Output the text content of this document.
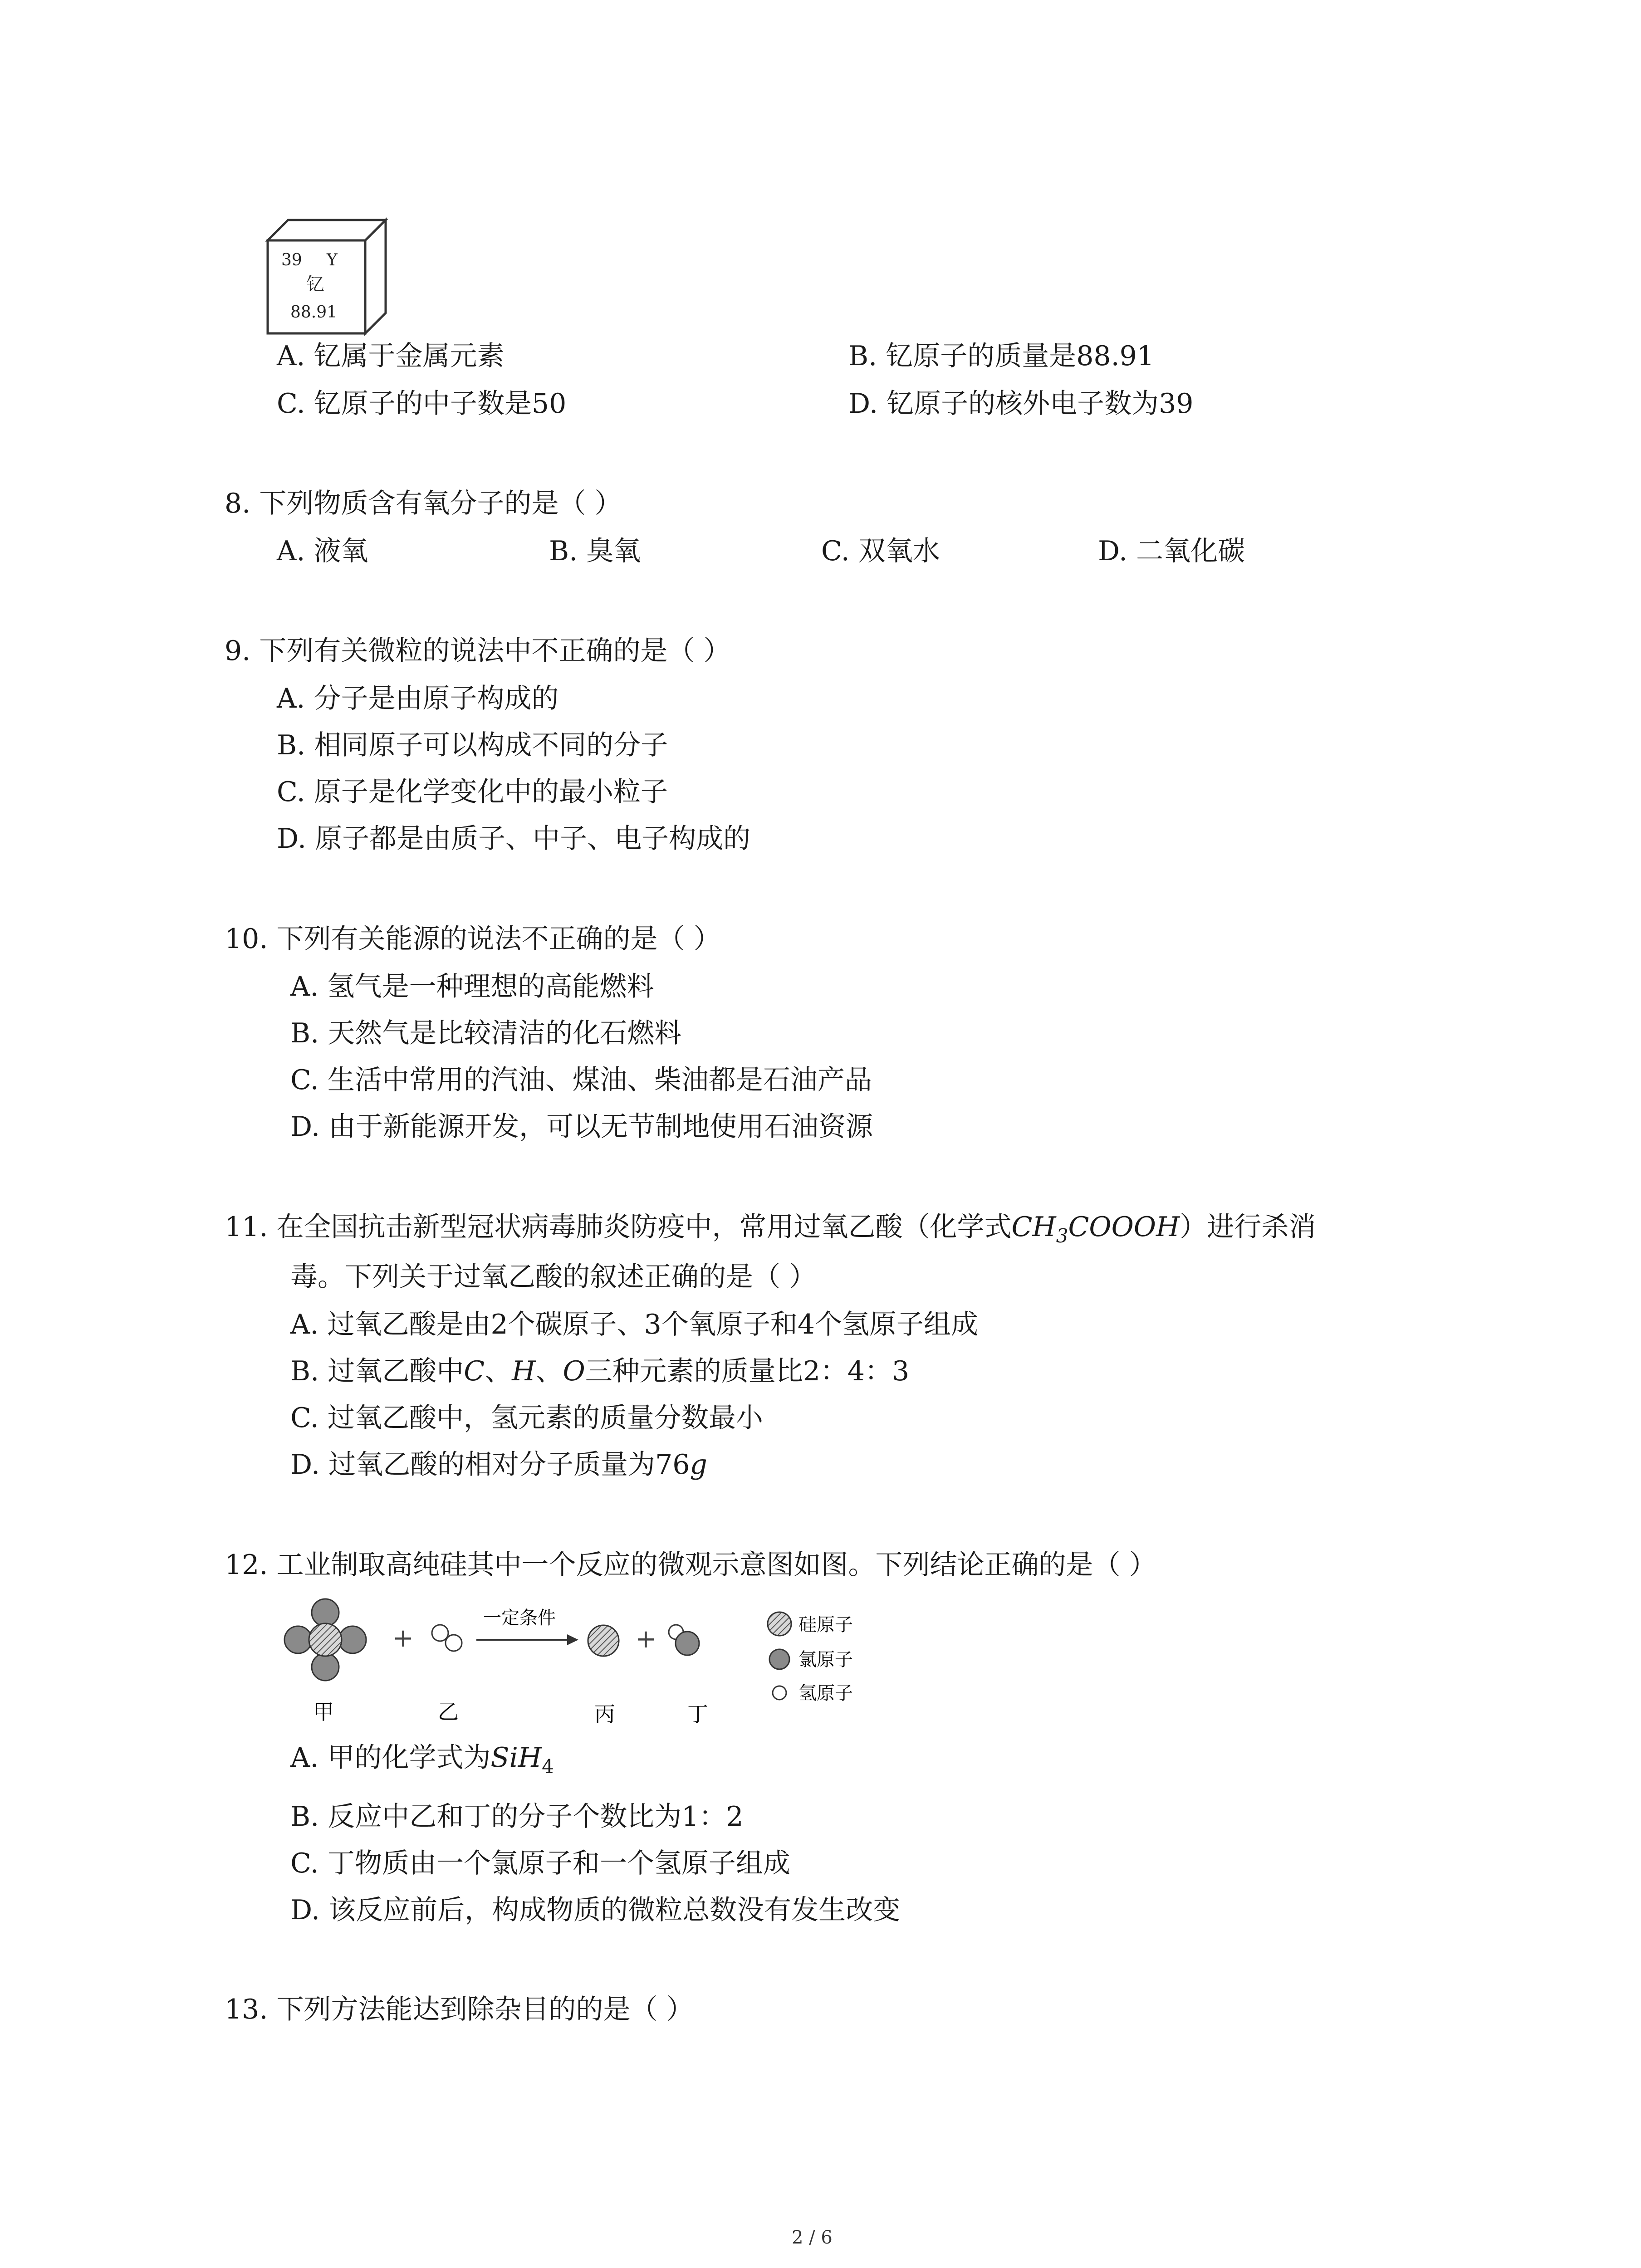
39 Y
钇
88.91
A. 钇属于金属元素	B. 钇原子的质量是88.91
C. 钇原子的中子数是50	D. 钇原子的核外电子数为39
8. 下列物质含有氧分子的是（ ）
A. 液氧	B. 臭氧	C. 双氧水	D. 二氧化碳
9. 下列有关微粒的说法中不正确的是（ ）
A. 分子是由原子构成的
B. 相同原子可以构成不同的分子
C. 原子是化学变化中的最小粒子
D. 原子都是由质子、中子、电子构成的
10. 下列有关能源的说法不正确的是（ ）
A. 氢气是一种理想的高能燃料
B. 天然气是比较清洁的化石燃料
C. 生活中常用的汽油、煤油、柴油都是石油产品
D. 由于新能源开发，可以无节制地使用石油资源
11. 在全国抗击新型冠状病毒肺炎防疫中，常用过氧乙酸（化学式$CH_3COOOH$）进行杀消
毒。下列关于过氧乙酸的叙述正确的是（ ）
A. 过氧乙酸是由2个碳原子、3个氧原子和4个氢原子组成
B. 过氧乙酸中C、H、O三种元素的质量比2：4：3
C. 过氧乙酸中，氢元素的质量分数最小
D. 过氧乙酸的相对分子质量为76g
12. 工业制取高纯硅其中一个反应的微观示意图如图。下列结论正确的是（ ）
+
一定条件
+
甲	乙	丙	丁
硅原子
氯原子
氢原子
A. 甲的化学式为SiH$_4$
B. 反应中乙和丁的分子个数比为1：2
C. 丁物质由一个氯原子和一个氢原子组成
D. 该反应前后，构成物质的微粒总数没有发生改变
13. 下列方法能达到除杂目的的是（ ）
2 / 6
